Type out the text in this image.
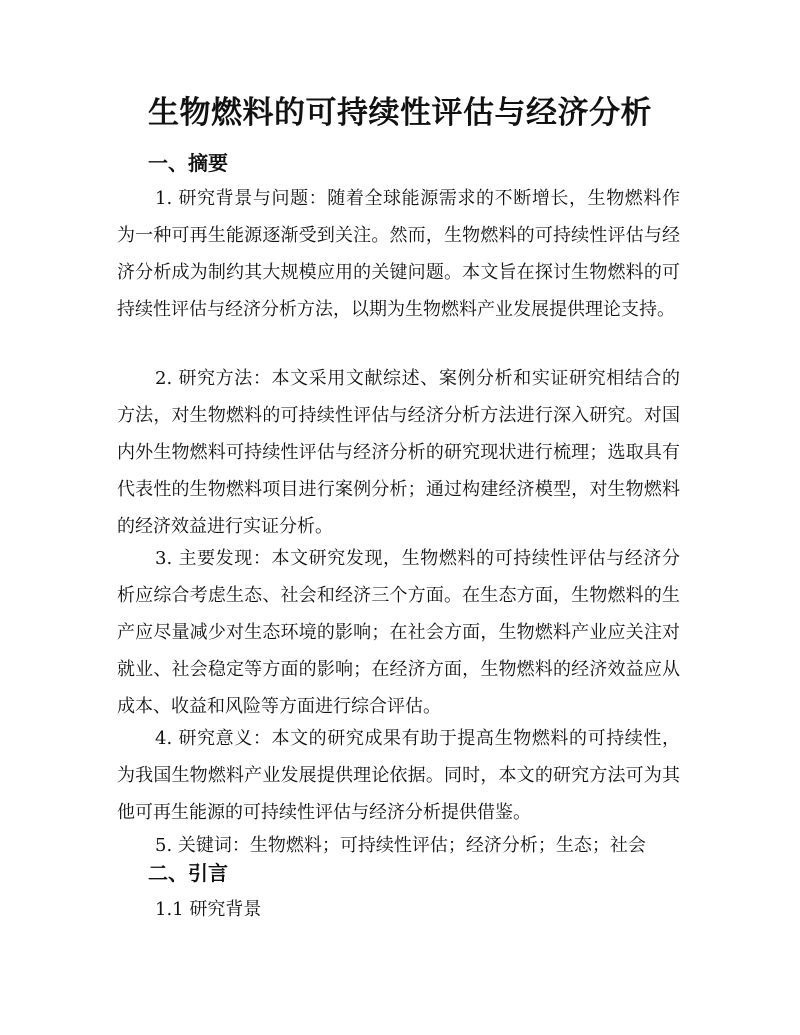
生物燃料的可持续性评估与经济分析
一、摘要
1. 研究背景与问题：随着全球能源需求的不断增长，生物燃料作为一种可再生能源逐渐受到关注。然而，生物燃料的可持续性评估与经济分析成为制约其大规模应用的关键问题。本文旨在探讨生物燃料的可持续性评估与经济分析方法，以期为生物燃料产业发展提供理论支持。
2. 研究方法：本文采用文献综述、案例分析和实证研究相结合的方法，对生物燃料的可持续性评估与经济分析方法进行深入研究。对国内外生物燃料可持续性评估与经济分析的研究现状进行梳理；选取具有代表性的生物燃料项目进行案例分析；通过构建经济模型，对生物燃料的经济效益进行实证分析。
3. 主要发现：本文研究发现，生物燃料的可持续性评估与经济分析应综合考虑生态、社会和经济三个方面。在生态方面，生物燃料的生产应尽量减少对生态环境的影响；在社会方面，生物燃料产业应关注对就业、社会稳定等方面的影响；在经济方面，生物燃料的经济效益应从成本、收益和风险等方面进行综合评估。
4. 研究意义：本文的研究成果有助于提高生物燃料的可持续性，为我国生物燃料产业发展提供理论依据。同时，本文的研究方法可为其他可再生能源的可持续性评估与经济分析提供借鉴。
5. 关键词：生物燃料；可持续性评估；经济分析；生态；社会
二、引言
1.1 研究背景
